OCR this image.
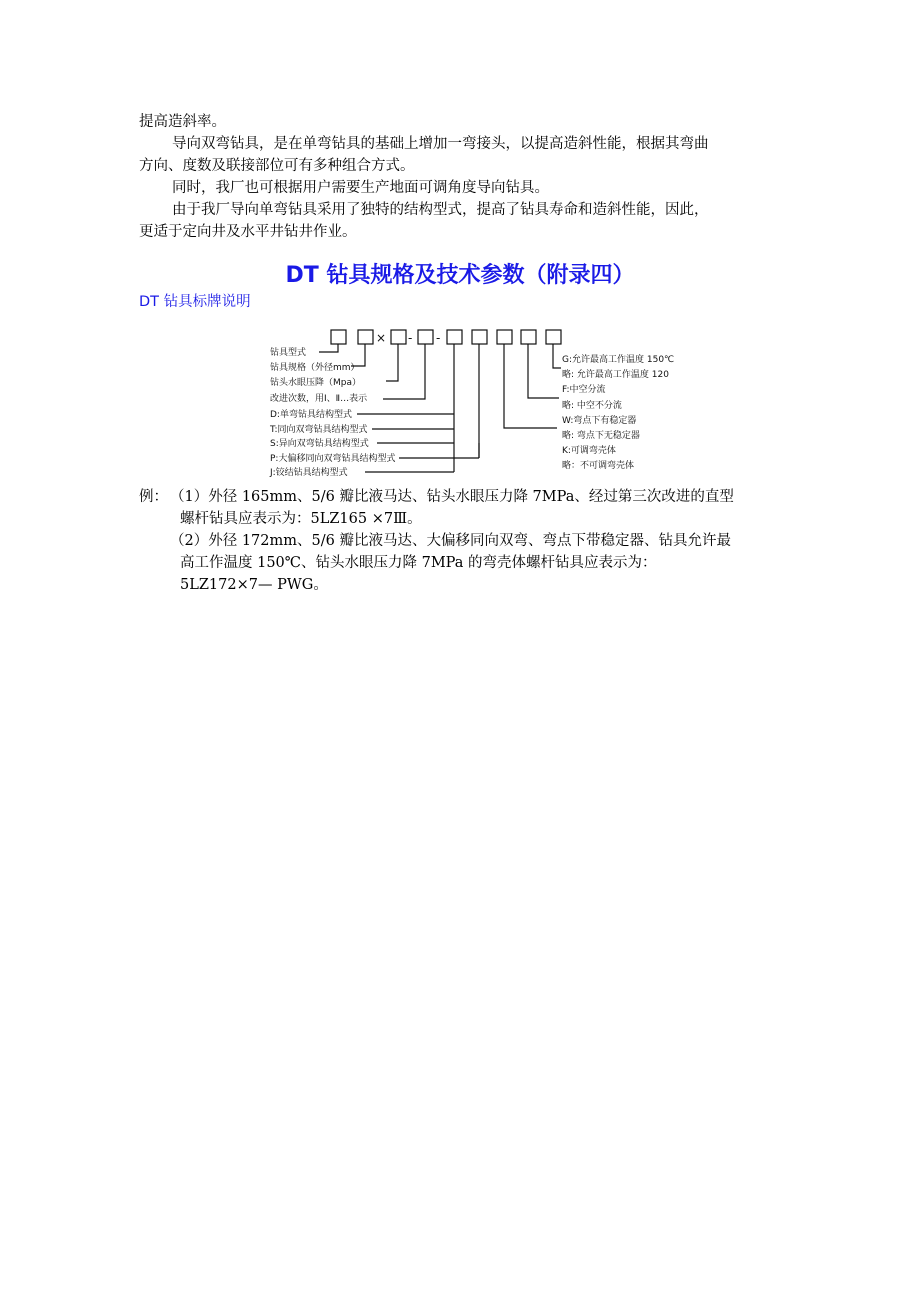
提高造斜率。
导向双弯钻具，是在单弯钻具的基础上增加一弯接头，以提高造斜性能，根据其弯曲
方向、度数及联接部位可有多种组合方式。
同时，我厂也可根据用户需要生产地面可调角度导向钻具。
由于我厂导向单弯钻具采用了独特的结构型式，提高了钻具寿命和造斜性能，因此，
更适于定向井及水平井钻井作业。
DT 钻具规格及技术参数（附录四）
DT 钻具标牌说明
× - -
钻具型式
钻具规格（外径mm）
钻头水眼压降（Mpa）
改进次数，用Ⅰ、Ⅱ…表示
D:单弯钻具结构型式
T:同向双弯钻具结构型式
S:异向双弯钻具结构型式
P:大偏移同向双弯钻具结构型式
J:铰结钻具结构型式
G:允许最高工作温度 150℃
略: 允许最高工作温度 120
F:中空分流
略: 中空不分流
W:弯点下有稳定器
略: 弯点下无稳定器
K:可调弯壳体
略：不可调弯壳体
例： （1）外径 165mm、5/6 瓣比液马达、钻头水眼压力降 7MPa、经过第三次改进的直型
螺杆钻具应表示为：5LZ165 ×7Ⅲ。
（2）外径 172mm、5/6 瓣比液马达、大偏移同向双弯、弯点下带稳定器、钻具允许最
高工作温度 150℃、钻头水眼压力降 7MPa 的弯壳体螺杆钻具应表示为：
5LZ172×7— PWG。
